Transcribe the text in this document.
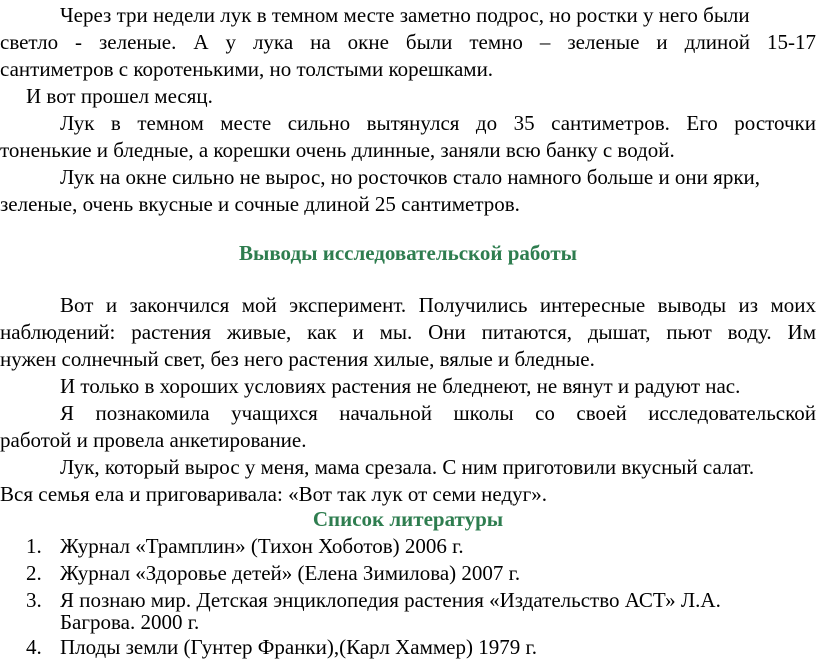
Через три недели лук в темном месте заметно подрос, но ростки у него были
светло - зеленые. А у лука на окне были темно – зеленые и длиной 15-17
сантиметров с коротенькими, но толстыми корешками.
И вот прошел месяц.
Лук в темном месте сильно вытянулся до 35 сантиметров. Его росточки
тоненькие и бледные, а корешки очень длинные, заняли всю банку с водой.
Лук на окне сильно не вырос, но росточков стало намного больше и они ярки,
зеленые, очень вкусные и сочные длиной 25 сантиметров.
Выводы исследовательской работы
Вот и закончился мой эксперимент. Получились интересные выводы из моих
наблюдений: растения живые, как и мы. Они питаются, дышат, пьют воду. Им
нужен солнечный свет, без него растения хилые, вялые и бледные.
И только в хороших условиях растения не бледнеют, не вянут и радуют нас.
Я познакомила учащихся начальной школы со своей исследовательской
работой и провела анкетирование.
Лук, который вырос у меня, мама срезала. С ним приготовили вкусный салат.
Вся семья ела и приговаривала: «Вот так лук от семи недуг».
Список литературы
1. Журнал «Трамплин» (Тихон Хоботов) 2006 г.
2. Журнал «Здоровье детей» (Елена Зимилова) 2007 г.
3. Я познаю мир. Детская энциклопедия растения «Издательство АСТ» Л.А.
Багрова. 2000 г.
4. Плоды земли (Гунтер Франки),(Карл Хаммер) 1979 г.
